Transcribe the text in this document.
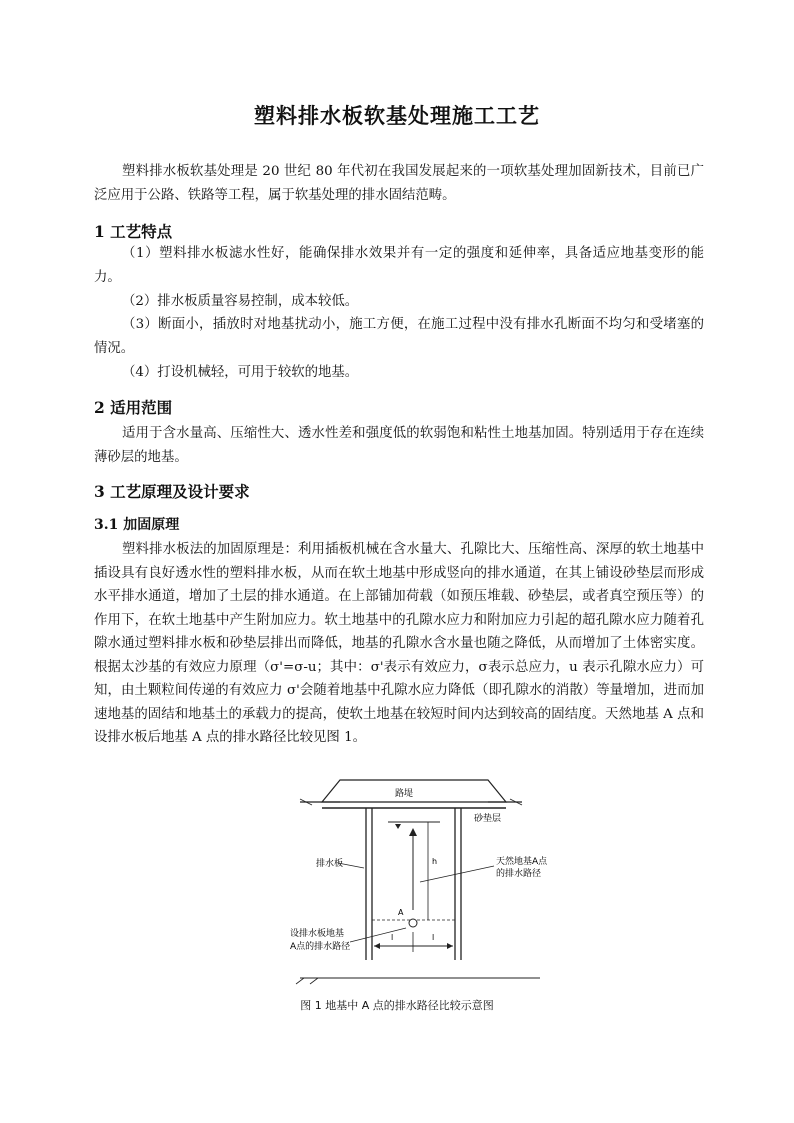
塑料排水板软基处理施工工艺

塑料排水板软基处理是 20 世纪 80 年代初在我国发展起来的一项软基处理加固新技术，目前已广泛应用于公路、铁路等工程，属于软基处理的排水固结范畴。

1 工艺特点

（1）塑料排水板滤水性好，能确保排水效果并有一定的强度和延伸率，具备适应地基变形的能力。

（2）排水板质量容易控制，成本较低。

（3）断面小，插放时对地基扰动小，施工方便，在施工过程中没有排水孔断面不均匀和受堵塞的情况。

（4）打设机械轻，可用于较软的地基。

2 适用范围

适用于含水量高、压缩性大、透水性差和强度低的软弱饱和粘性土地基加固。特别适用于存在连续薄砂层的地基。

3 工艺原理及设计要求
3.1 加固原理

塑料排水板法的加固原理是：利用插板机械在含水量大、孔隙比大、压缩性高、深厚的软土地基中插设具有良好透水性的塑料排水板，从而在软土地基中形成竖向的排水通道，在其上铺设砂垫层而形成水平排水通道，增加了土层的排水通道。在上部铺加荷载（如预压堆载、砂垫层，或者真空预压等）的作用下，在软土地基中产生附加应力。软土地基中的孔隙水应力和附加应力引起的超孔隙水应力随着孔隙水通过塑料排水板和砂垫层排出而降低，地基的孔隙水含水量也随之降低，从而增加了土体密实度。根据太沙基的有效应力原理（σ'=σ-u；其中：σ'表示有效应力，σ表示总应力，u 表示孔隙水应力）可知，由土颗粒间传递的有效应力 σ'会随着地基中孔隙水应力降低（即孔隙水的消散）等量增加，进而加速地基的固结和地基土的承载力的提高，使软土地基在较短时间内达到较高的固结度。天然地基 A 点和设排水板后地基 A 点的排水路径比较见图 1。

路堤
砂垫层
排水板	h	天然地基A点
的排水路径
A
l	l
设排水板地基
A点的排水路径
图 1 地基中 A 点的排水路径比较示意图
